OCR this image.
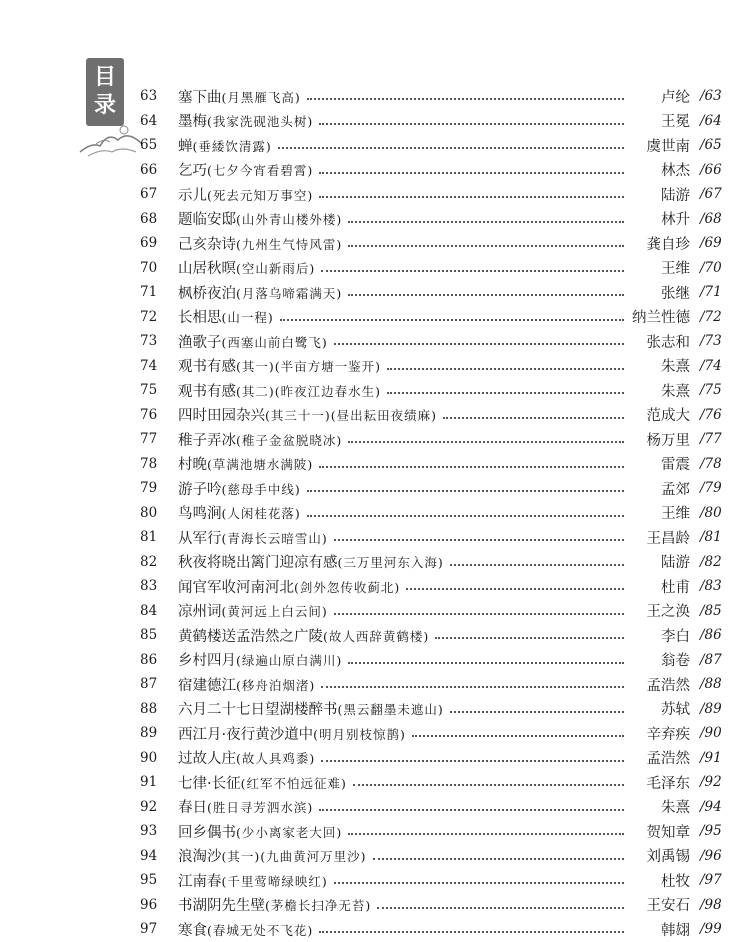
目
录 63	塞下曲(月黑雁飞高)	卢纶 /63
64	墨梅(我家洗砚池头树)	王冕 /64
65	蝉(垂緌饮清露)	虞世南 /65
66	乞巧(七夕今宵看碧霄)	林杰 /66
67	示儿(死去元知万事空)	陆游 /67
68	题临安邸(山外青山楼外楼)	林升 /68
69	己亥杂诗(九州生气恃风雷)	龚自珍 /69
70	山居秋暝(空山新雨后)	王维 /70
71	枫桥夜泊(月落乌啼霜满天)	张继 /71
72	长相思(山一程)	纳兰性德 /72
73	渔歌子(西塞山前白鹭飞)	张志和 /73
74	观书有感(其一)(半亩方塘一鉴开)	朱熹 /74
75	观书有感(其二)(昨夜江边春水生)	朱熹 /75
76	四时田园杂兴(其三十一)(昼出耘田夜绩麻)	范成大 /76
77	稚子弄冰(稚子金盆脱晓冰)	杨万里 /77
78	村晚(草满池塘水满陂)	雷震 /78
79	游子吟(慈母手中线)	孟郊 /79
80	鸟鸣涧(人闲桂花落)	王维 /80
81	从军行(青海长云暗雪山)	王昌龄 /81
82	秋夜将晓出篱门迎凉有感(三万里河东入海)	陆游 /82
83	闻官军收河南河北(剑外忽传收蓟北)	杜甫 /83
84	凉州词(黄河远上白云间)	王之涣 /85
85	黄鹤楼送孟浩然之广陵(故人西辞黄鹤楼)	李白 /86
86	乡村四月(绿遍山原白满川)	翁卷 /87
87	宿建德江(移舟泊烟渚)	孟浩然 /88
88	六月二十七日望湖楼醉书(黑云翻墨未遮山)	苏轼 /89
89	西江月·夜行黄沙道中(明月别枝惊鹊)	辛弃疾 /90
90	过故人庄(故人具鸡黍)	孟浩然 /91
91	七律·长征(红军不怕远征难)	毛泽东 /92
92	春日(胜日寻芳泗水滨)	朱熹 /94
93	回乡偶书(少小离家老大回)	贺知章 /95
94	浪淘沙(其一)(九曲黄河万里沙)	刘禹锡 /96
95	江南春(千里莺啼绿映红)	杜牧 /97
96	书湖阴先生壁(茅檐长扫净无苔)	王安石 /98
97	寒食(春城无处不飞花)	韩翃 /99
